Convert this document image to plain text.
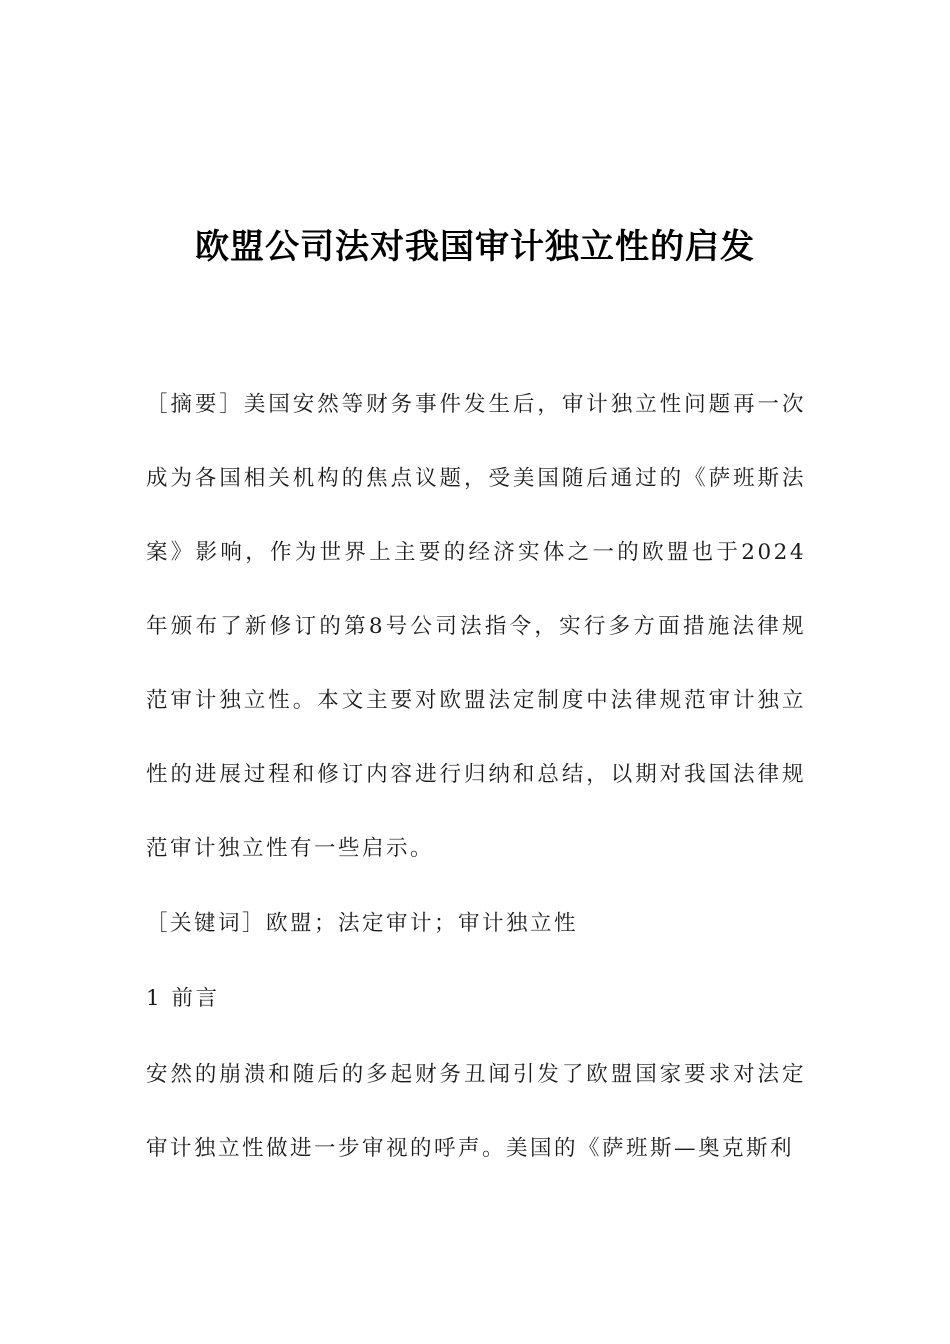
欧盟公司法对我国审计独立性的启发

［摘要］美国安然等财务事件发生后，审计独立性问题再一次成为各国相关机构的焦点议题，受美国随后通过的《萨班斯法案》影响，作为世界上主要的经济实体之一的欧盟也于2024年颁布了新修订的第8号公司法指令，实行多方面措施法律规范审计独立性。本文主要对欧盟法定制度中法律规范审计独立性的进展过程和修订内容进行归纳和总结，以期对我国法律规范审计独立性有一些启示。

［关键词］欧盟；法定审计；审计独立性

1 前言

安然的崩溃和随后的多起财务丑闻引发了欧盟国家要求对法定审计独立性做进一步审视的呼声。美国的《萨班斯—奥克斯利
